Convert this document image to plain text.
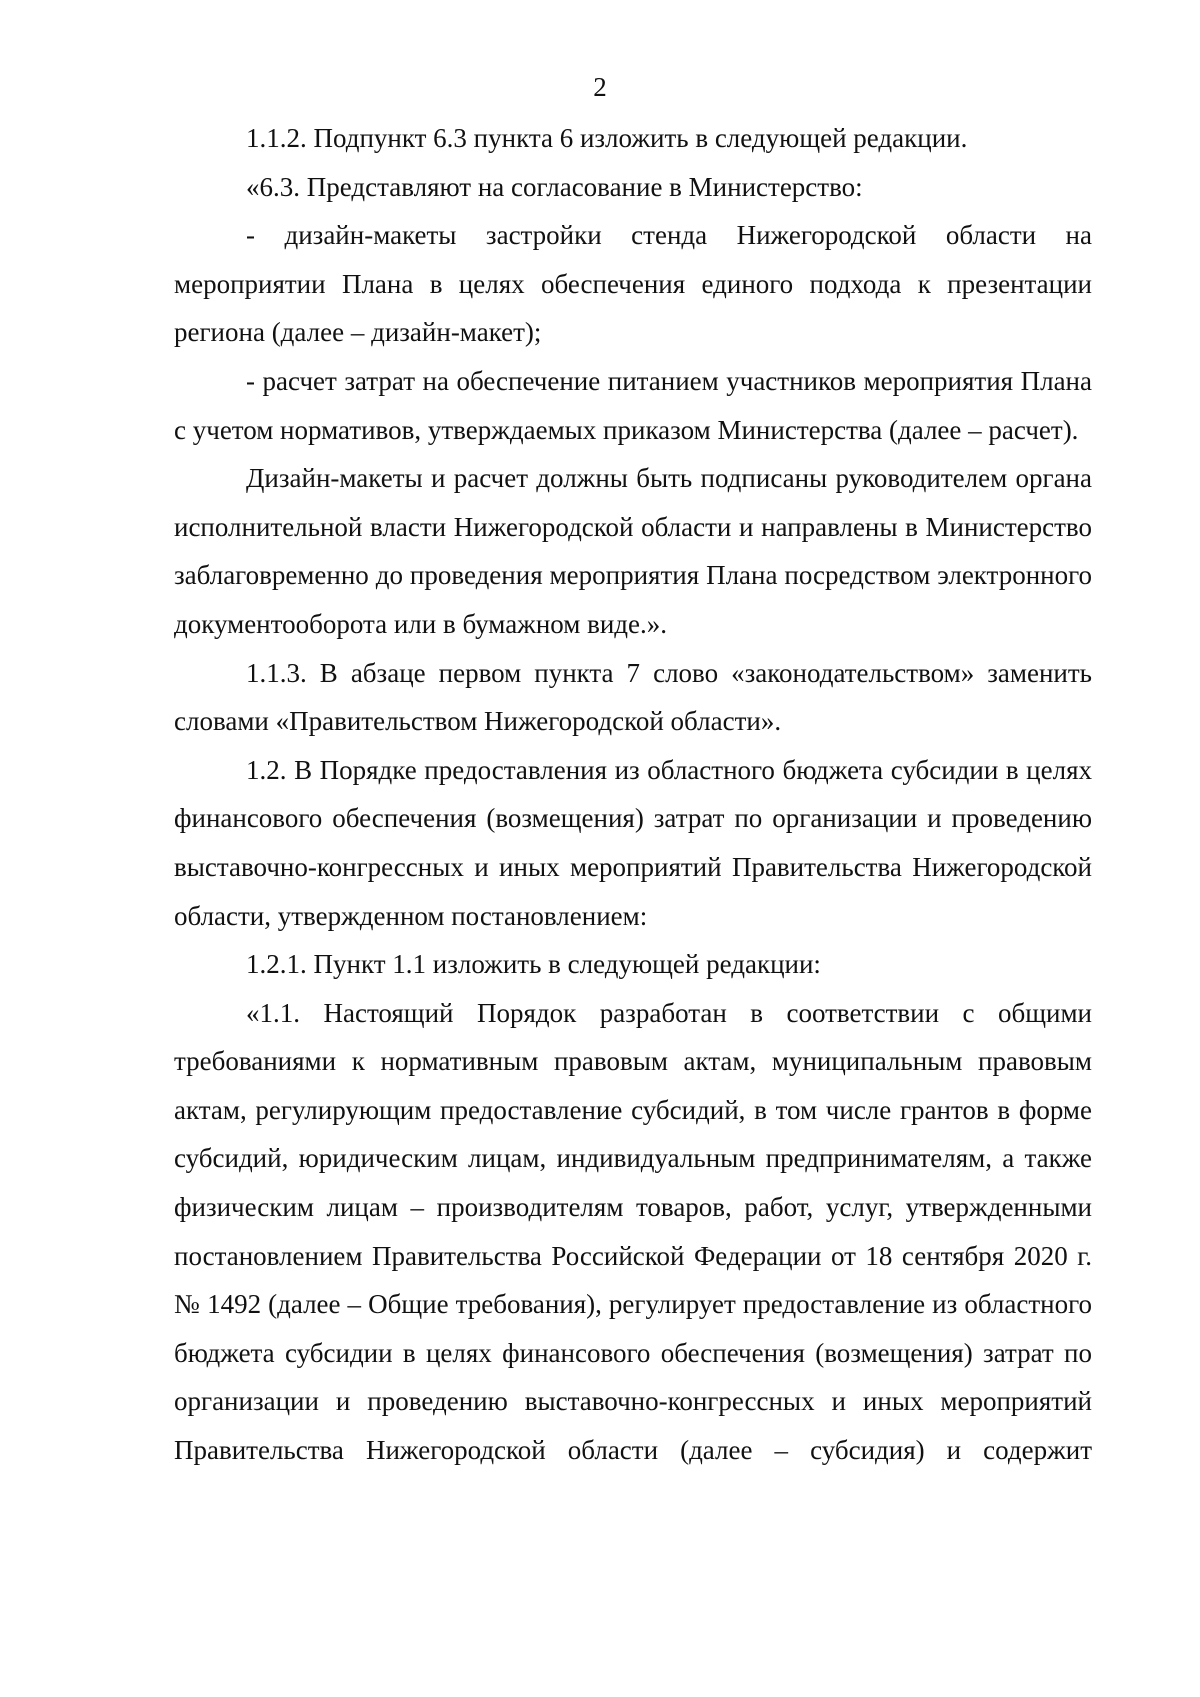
2

1.1.2. Подпункт 6.3 пункта 6 изложить в следующей редакции.

«6.3. Представляют на согласование в Министерство:

- дизайн-макеты застройки стенда Нижегородской области на мероприятии Плана в целях обеспечения единого подхода к презентации региона (далее – дизайн-макет);

- расчет затрат на обеспечение питанием участников мероприятия Плана с учетом нормативов, утверждаемых приказом Министерства (далее – расчет).

Дизайн-макеты и расчет должны быть подписаны руководителем органа исполнительной власти Нижегородской области и направлены в Министерство заблаговременно до проведения мероприятия Плана посредством электронного документооборота или в бумажном виде.».

1.1.3. В абзаце первом пункта 7 слово «законодательством» заменить словами «Правительством Нижегородской области».

1.2. В Порядке предоставления из областного бюджета субсидии в целях финансового обеспечения (возмещения) затрат по организации и проведению выставочно-конгрессных и иных мероприятий Правительства Нижегородской области, утвержденном постановлением:

1.2.1. Пункт 1.1 изложить в следующей редакции:

«1.1. Настоящий Порядок разработан в соответствии с общими требованиями к нормативным правовым актам, муниципальным правовым актам, регулирующим предоставление субсидий, в том числе грантов в форме субсидий, юридическим лицам, индивидуальным предпринимателям, а также физическим лицам – производителям товаров, работ, услуг, утвержденными постановлением Правительства Российской Федерации от 18 сентября 2020 г. № 1492 (далее – Общие требования), регулирует предоставление из областного бюджета субсидии в целях финансового обеспечения (возмещения) затрат по организации и проведению выставочно-конгрессных и иных мероприятий Правительства Нижегородской области (далее – субсидия) и содержит
